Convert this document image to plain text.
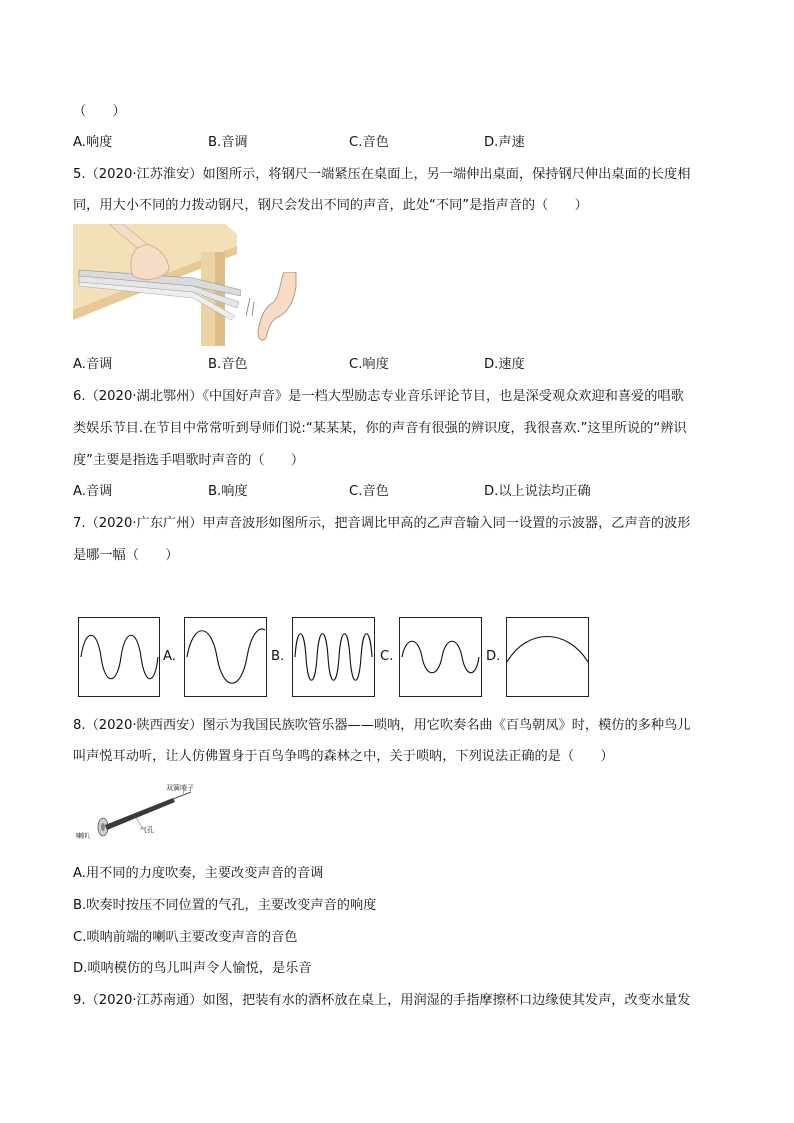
（　　）
A.响度	B.音调	C.音色	D.声速
5.（2020·江苏淮安）如图所示，将钢尺一端紧压在桌面上，另一端伸出桌面，保持钢尺伸出桌面的长度相
同，用大小不同的力拨动钢尺，钢尺会发出不同的声音，此处“不同”是指声音的（　　）
A.音调	B.音色	C.响度	D.速度
6.（2020·湖北鄂州）《中国好声音》是一档大型励志专业音乐评论节目，也是深受观众欢迎和喜爱的唱歌
类娱乐节目.在节目中常常听到导师们说:“某某某，你的声音有很强的辨识度，我很喜欢.”这里所说的“辨识
度”主要是指选手唱歌时声音的（　　）
A.音调	B.响度	C.音色	D.以上说法均正确
7.（2020·广东广州）甲声音波形如图所示，把音调比甲高的乙声音输入同一设置的示波器，乙声音的波形
是哪一幅（　　）
A.	B.	C.	D.
8.（2020·陕西西安）图示为我国民族吹管乐器——唢呐，用它吹奏名曲《百鸟朝凤》时，模仿的多种鸟儿
叫声悦耳动听，让人仿佛置身于百鸟争鸣的森林之中，关于唢呐，下列说法正确的是（　　）
双簧哨子
喇叭
气孔
A.用不同的力度吹奏，主要改变声音的音调
B.吹奏时按压不同位置的气孔，主要改变声音的响度
C.唢呐前端的喇叭主要改变声音的音色
D.唢呐模仿的鸟儿叫声令人愉悦，是乐音
9.（2020·江苏南通）如图，把装有水的酒杯放在桌上，用润湿的手指摩擦杯口边缘使其发声，改变水量发
